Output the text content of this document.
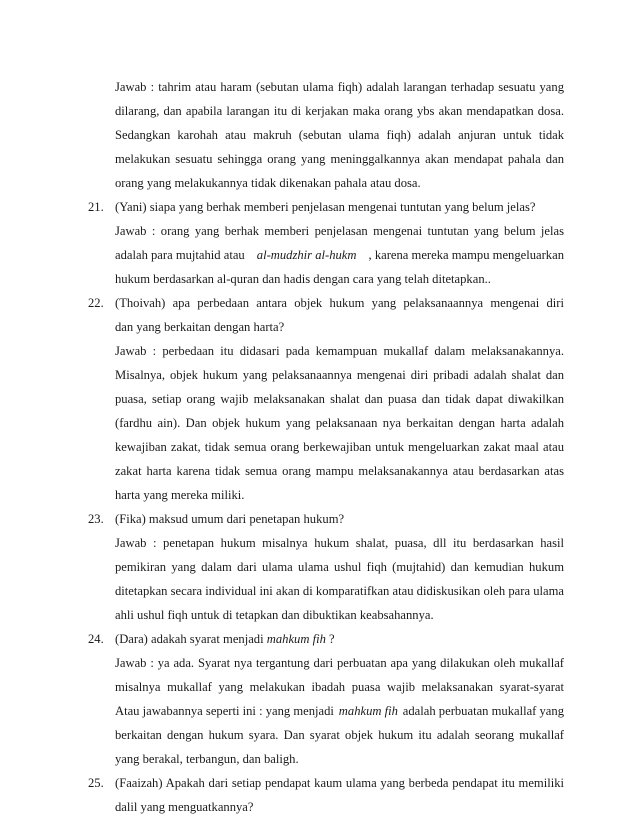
Jawab : tahrim atau haram (sebutan ulama fiqh) adalah larangan terhadap sesuatu yang
dilarang, dan apabila larangan itu di kerjakan maka orang ybs akan mendapatkan dosa.
Sedangkan karohah atau makruh (sebutan ulama fiqh) adalah anjuran untuk tidak
melakukan sesuatu sehingga orang yang meninggalkannya akan mendapat pahala dan
orang yang melakukannya tidak dikenakan pahala atau dosa.
21. (Yani) siapa yang berhak memberi penjelasan mengenai tuntutan yang belum jelas?
Jawab : orang yang berhak memberi penjelasan mengenai tuntutan yang belum jelas
adalah para mujtahid atau al-mudzhir al-hukm , karena mereka mampu mengeluarkan
hukum berdasarkan al-quran dan hadis dengan cara yang telah ditetapkan..
22. (Thoivah) apa perbedaan antara objek hukum yang pelaksanaannya mengenai diri
dan yang berkaitan dengan harta?
Jawab : perbedaan itu didasari pada kemampuan mukallaf dalam melaksanakannya.
Misalnya, objek hukum yang pelaksanaannya mengenai diri pribadi adalah shalat dan
puasa, setiap orang wajib melaksanakan shalat dan puasa dan tidak dapat diwakilkan
(fardhu ain). Dan objek hukum yang pelaksanaan nya berkaitan dengan harta adalah
kewajiban zakat, tidak semua orang berkewajiban untuk mengeluarkan zakat maal atau
zakat harta karena tidak semua orang mampu melaksanakannya atau berdasarkan atas
harta yang mereka miliki.
23. (Fika) maksud umum dari penetapan hukum?
Jawab : penetapan hukum misalnya hukum shalat, puasa, dll itu berdasarkan hasil
pemikiran yang dalam dari ulama ulama ushul fiqh (mujtahid) dan kemudian hukum
ditetapkan secara individual ini akan di komparatifkan atau didiskusikan oleh para ulama
ahli ushul fiqh untuk di tetapkan dan dibuktikan keabsahannya.
24. (Dara) adakah syarat menjadi mahkum fih ?
Jawab : ya ada. Syarat nya tergantung dari perbuatan apa yang dilakukan oleh mukallaf
misalnya mukallaf yang melakukan ibadah puasa wajib melaksanakan syarat-syarat
Atau jawabannya seperti ini : yang menjadi mahkum fih adalah perbuatan mukallaf yang
berkaitan dengan hukum syara. Dan syarat objek hukum itu adalah seorang mukallaf
yang berakal, terbangun, dan baligh.
25. (Faaizah) Apakah dari setiap pendapat kaum ulama yang berbeda pendapat itu memiliki
dalil yang menguatkannya?
